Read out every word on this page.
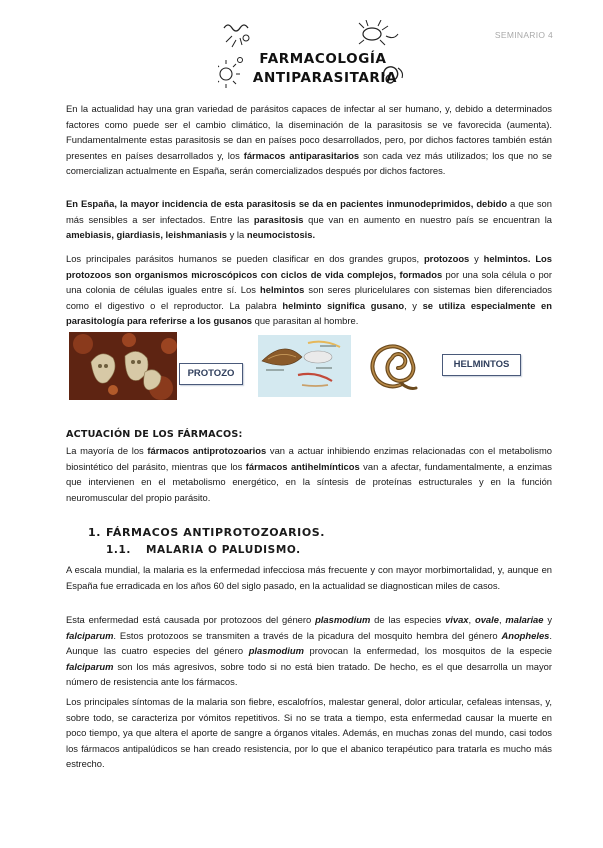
SEMINARIO 4
FARMACOLOGÍA
ANTIPARASITARIA

En la actualidad hay una gran variedad de parásitos capaces de infectar al ser humano, y, debido a determinados factores como puede ser el cambio climático, la diseminación de la parasitosis se ve favorecida (aumenta). Fundamentalmente estas parasitosis se dan en países poco desarrollados, pero, por dichos factores también están presentes en países desarrollados y, los fármacos antiparasitarios son cada vez más utilizados; los que no se comercializan actualmente en España, serán comercializados después por dichos factores.

En España, la mayor incidencia de esta parasitosis se da en pacientes inmunodeprimidos, debido a que son más sensibles a ser infectados. Entre las parasitosis que van en aumento en nuestro país se encuentran la amebiasis, giardiasis, leishmaniasis y la neumocistosis.

Los principales parásitos humanos se pueden clasificar en dos grandes grupos, protozoos y helmintos. Los protozoos son organismos microscópicos con ciclos de vida complejos, formados por una sola célula o por una colonia de células iguales entre sí. Los helmintos son seres pluricelulares con sistemas bien diferenciados como el digestivo o el reproductor. La palabra helminto significa gusano, y se utiliza especialmente en parasitología para referirse a los gusanos que parasitan al hombre.

PROTOZO
HELMINTOS
ACTUACIÓN DE LOS FÁRMACOS:

La mayoría de los fármacos antiprotozoarios van a actuar inhibiendo enzimas relacionadas con el metabolismo biosintético del parásito, mientras que los fármacos antihelmínticos van a afectar, fundamentalmente, a enzimas que intervienen en el metabolismo energético, en la síntesis de proteínas estructurales y en la función neuromuscular del propio parásito.

1. FÁRMACOS ANTIPROTOZOARIOS.
1.1. MALARIA O PALUDISMO.

A escala mundial, la malaria es la enfermedad infecciosa más frecuente y con mayor morbimortalidad, y, aunque en España fue erradicada en los años 60 del siglo pasado, en la actualidad se diagnostican miles de casos.

Esta enfermedad está causada por protozoos del género plasmodium de las especies vivax, ovale, malariae y falciparum. Estos protozoos se transmiten a través de la picadura del mosquito hembra del género Anopheles. Aunque las cuatro especies del género plasmodium provocan la enfermedad, los mosquitos de la especie falciparum son los más agresivos, sobre todo si no está bien tratado. De hecho, es el que desarrolla un mayor número de resistencia ante los fármacos.

Los principales síntomas de la malaria son fiebre, escalofríos, malestar general, dolor articular, cefaleas intensas, y, sobre todo, se caracteriza por vómitos repetitivos. Si no se trata a tiempo, esta enfermedad causar la muerte en poco tiempo, ya que altera el aporte de sangre a órganos vitales. Además, en muchas zonas del mundo, casi todos los fármacos antipalúdicos se han creado resistencia, por lo que el abanico terapéutico para tratarla es mucho más estrecho.
